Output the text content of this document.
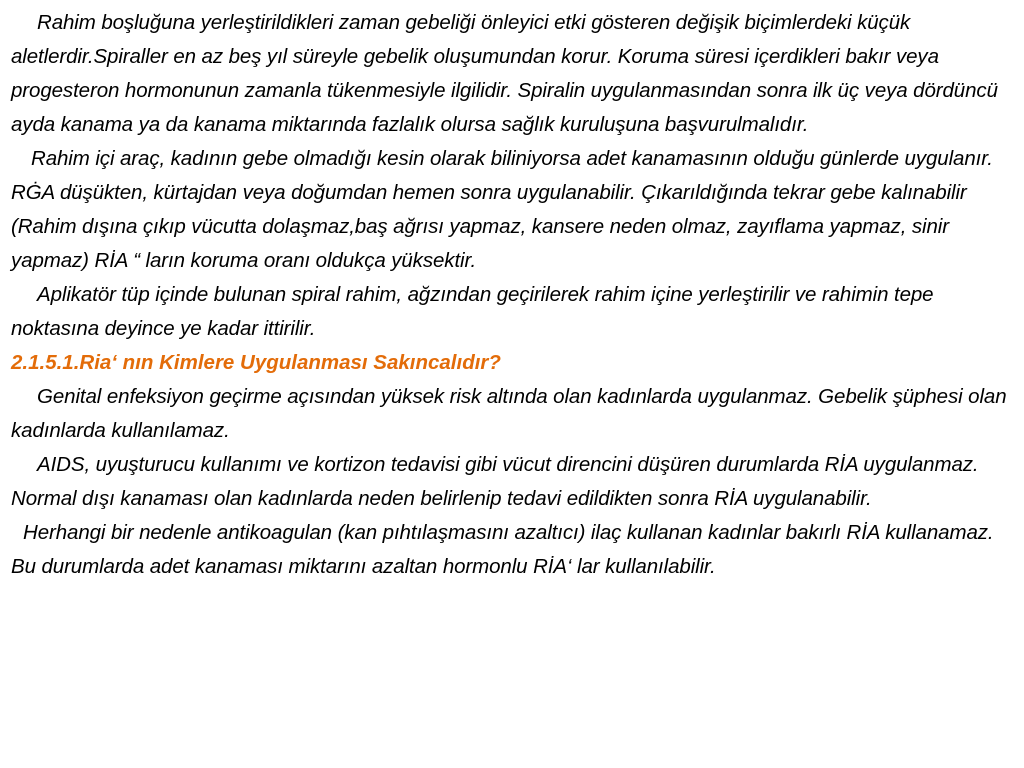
Rahim boşluğuna yerleştirildikleri zaman gebeliği önleyici etki gösteren değişik biçimlerdeki küçük aletlerdir.Spiraller en az beş yıl süreyle gebelik oluşumundan korur. Koruma süresi içerdikleri bakır veya progesteron hormonunun zamanla tükenmesiyle ilgilidir. Spiralin uygulanmasından sonra ilk üç veya dördüncü ayda kanama ya da kanama miktarında fazlalık olursa sağlık kuruluşuna başvurulmalıdır.

Rahim içi araç, kadının gebe olmadığı kesin olarak biliniyorsa adet kanamasının olduğu günlerde uygulanır. RĠA düşükten, kürtajdan veya doğumdan hemen sonra uygulanabilir. Çıkarıldığında tekrar gebe kalınabilir (Rahim dışına çıkıp vücutta dolaşmaz,baş ağrısı yapmaz, kansere neden olmaz, zayıflama yapmaz, sinir yapmaz) RİA “ ların koruma oranı oldukça yüksektir.

Aplikatör tüp içinde bulunan spiral rahim, ağzından geçirilerek rahim içine yerleştirilir ve rahimin tepe noktasına deyince ye kadar ittirilir.

2.1.5.1.Ria‘ nın Kimlere Uygulanması Sakıncalıdır?

Genital enfeksiyon geçirme açısından yüksek risk altında olan kadınlarda uygulanmaz. Gebelik şüphesi olan kadınlarda kullanılamaz.

AIDS, uyuşturucu kullanımı ve kortizon tedavisi gibi vücut direncini düşüren durumlarda RİA uygulanmaz. Normal dışı kanaması olan kadınlarda neden belirlenip tedavi edildikten sonra RİA uygulanabilir.

Herhangi bir nedenle antikoagulan (kan pıhtılaşmasını azaltıcı) ilaç kullanan kadınlar bakırlı RİA kullanamaz. Bu durumlarda adet kanaması miktarını azaltan hormonlu RİA‘ lar kullanılabilir.
